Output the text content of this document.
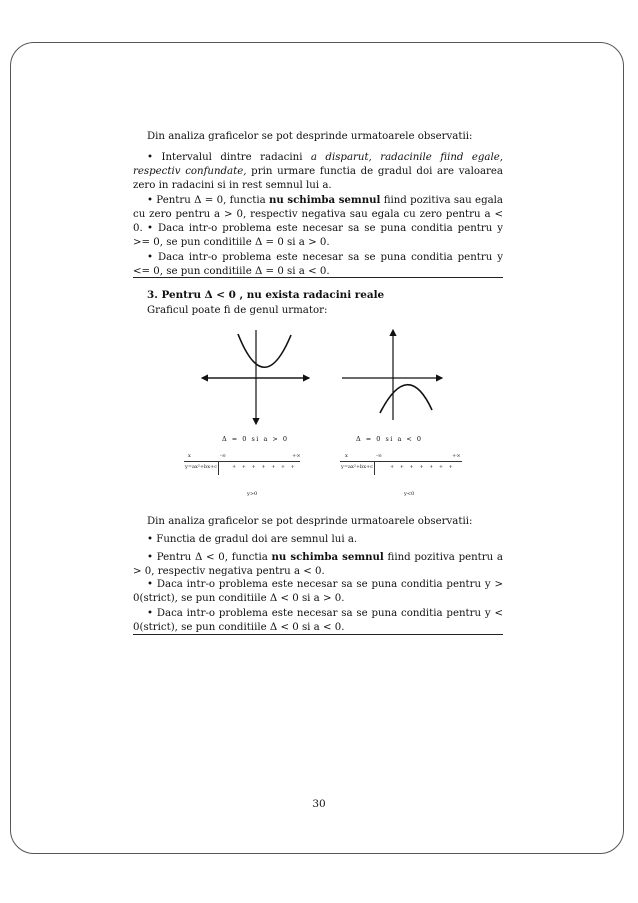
Din analiza graficelor se pot desprinde urmatoarele observatii:

• Intervalul dintre radacini a disparut, radacinile fiind egale, respectiv confundate, prin urmare functia de gradul doi are valoarea zero in radacini si in rest semnul lui a.

• Pentru Δ = 0, functia nu schimba semnul fiind pozitiva sau egala cu zero pentru a > 0, respectiv negativa sau egala cu zero pentru a < 0. • Daca intr-o problema este necesar sa se puna conditia pentru y >= 0, se pun conditiile Δ = 0 si a > 0.

• Daca intr-o problema este necesar sa se puna conditia pentru y <= 0, se pun conditiile Δ = 0 si a < 0.

3. Pentru Δ < 0 , nu exista radacini reale
Graficul poate fi de genul urmator:
Δ = 0 si a > 0	Δ = 0 si a < 0
x	-∞	+∞
y=ax²+bx+c	+ + + + + + +
y>0
x	-∞	+∞
y=ax²+bx+c	+ + + + + + +
y<0

Din analiza graficelor se pot desprinde urmatoarele observatii:

• Functia de gradul doi are semnul lui a.

• Pentru Δ < 0, functia nu schimba semnul fiind pozitiva pentru a > 0, respectiv negativa pentru a < 0.

• Daca intr-o problema este necesar sa se puna conditia pentru y > 0(strict), se pun conditiile Δ < 0 si a > 0.

• Daca intr-o problema este necesar sa se puna conditia pentru y < 0(strict), se pun conditiile Δ < 0 si a < 0.

30
